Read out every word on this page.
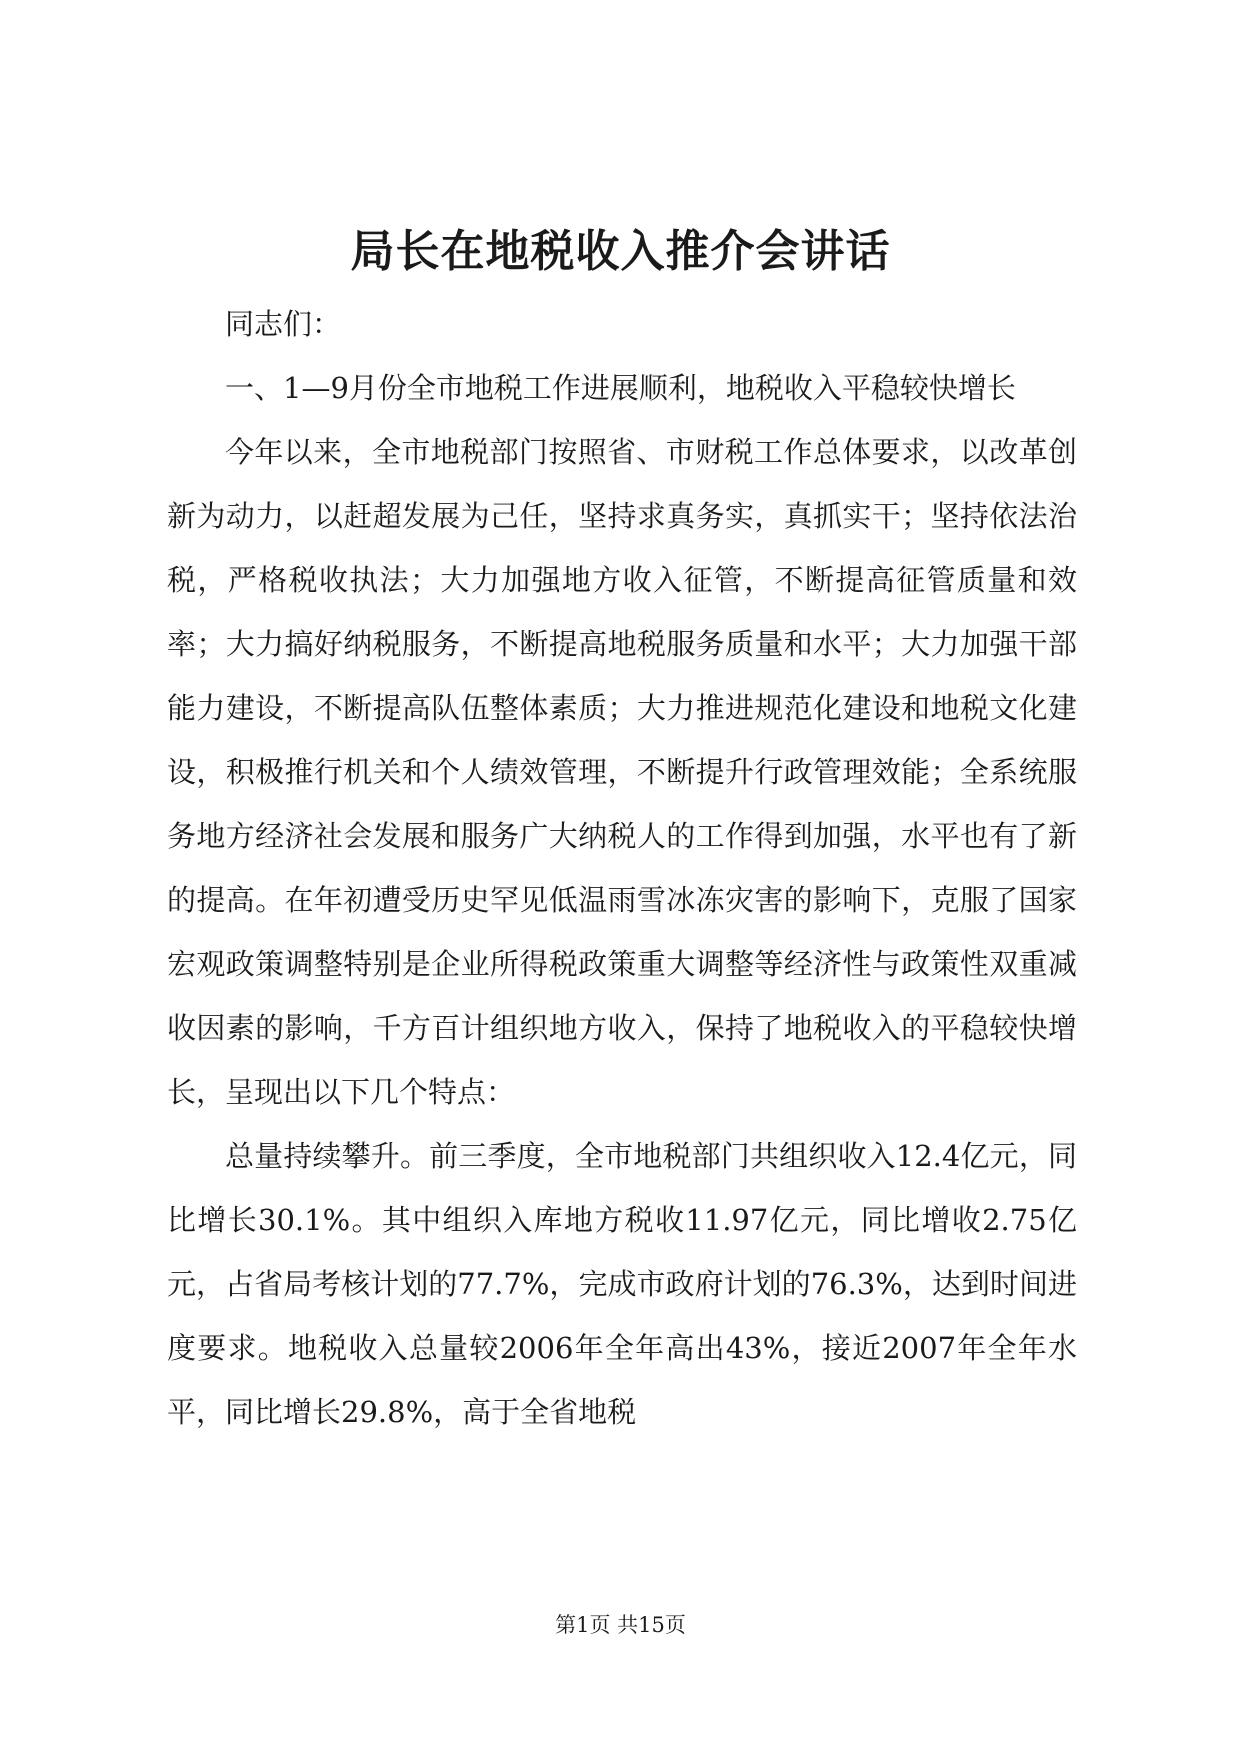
局长在地税收入推介会讲话

同志们：

一、1—9月份全市地税工作进展顺利，地税收入平稳较快增长

今年以来，全市地税部门按照省、市财税工作总体要求，以改革创新为动力，以赶超发展为己任，坚持求真务实，真抓实干；坚持依法治税，严格税收执法；大力加强地方收入征管，不断提高征管质量和效率；大力搞好纳税服务，不断提高地税服务质量和水平；大力加强干部能力建设，不断提高队伍整体素质；大力推进规范化建设和地税文化建设，积极推行机关和个人绩效管理，不断提升行政管理效能；全系统服务地方经济社会发展和服务广大纳税人的工作得到加强，水平也有了新的提高。在年初遭受历史罕见低温雨雪冰冻灾害的影响下，克服了国家宏观政策调整特别是企业所得税政策重大调整等经济性与政策性双重减收因素的影响，千方百计组织地方收入，保持了地税收入的平稳较快增长，呈现出以下几个特点：

总量持续攀升。前三季度，全市地税部门共组织收入12.4亿元，同比增长30.1%。其中组织入库地方税收11.97亿元，同比增收2.75亿元，占省局考核计划的77.7%，完成市政府计划的76.3%，达到时间进度要求。地税收入总量较2006年全年高出43%，接近2007年全年水平，同比增长29.8%，高于全省地税

第1页 共15页
